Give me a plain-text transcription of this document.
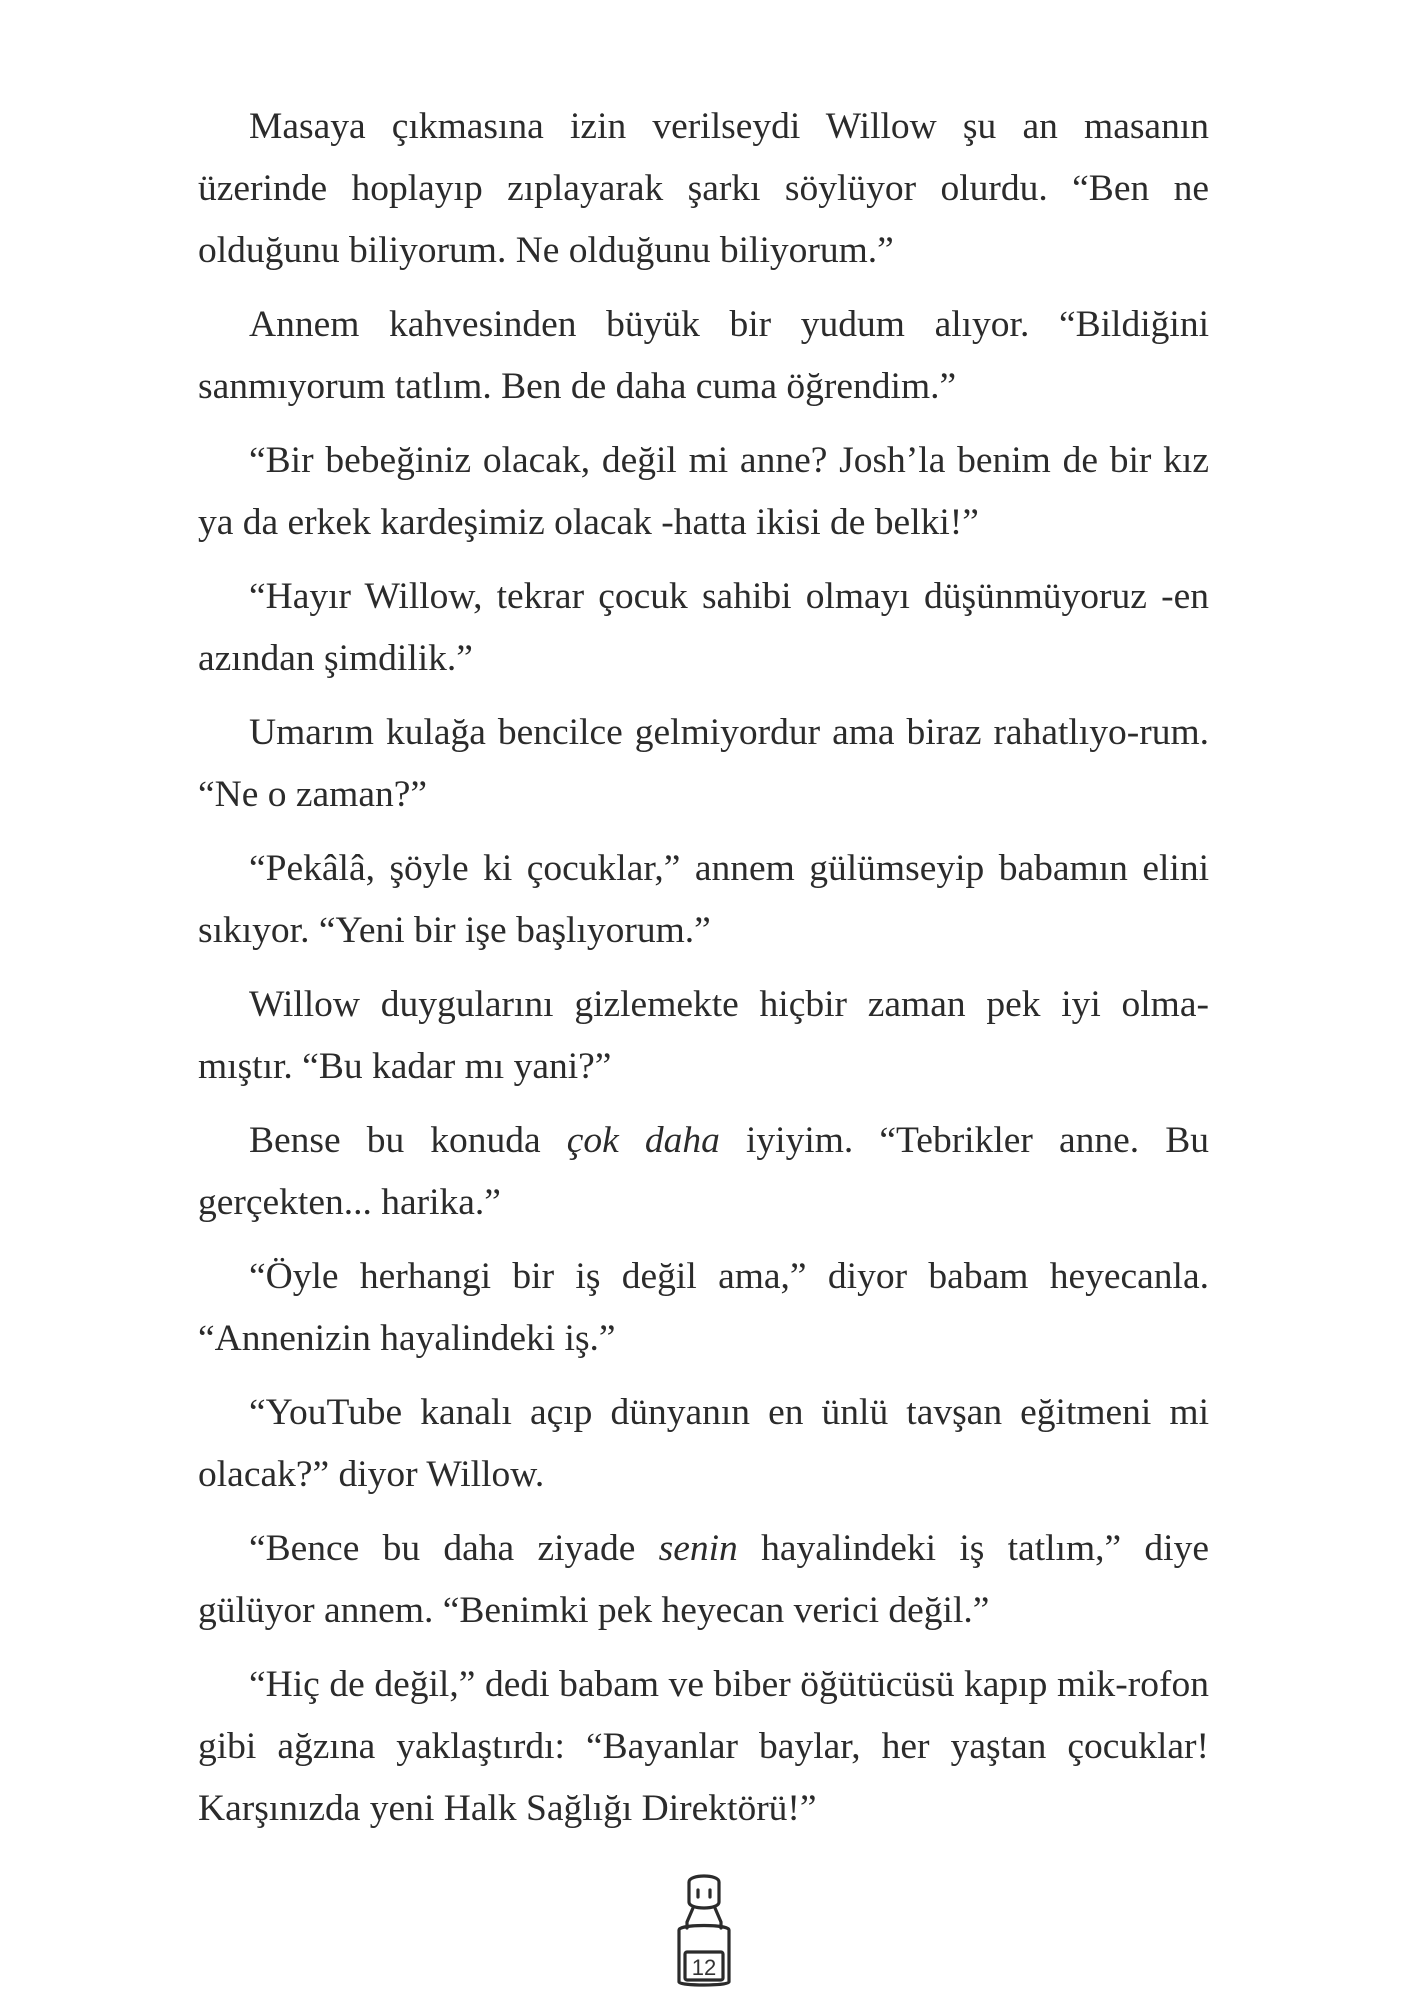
Masaya çıkmasına izin verilseydi Willow şu an masanın üzerinde hoplayıp zıplayarak şarkı söylüyor olurdu. “Ben ne olduğunu biliyorum. Ne olduğunu biliyorum.”

Annem kahvesinden büyük bir yudum alıyor. “Bildiğini sanmıyorum tatlım. Ben de daha cuma öğrendim.”

“Bir bebeğiniz olacak, değil mi anne? Josh’la benim de bir kız ya da erkek kardeşimiz olacak -hatta ikisi de belki!”

“Hayır Willow, tekrar çocuk sahibi olmayı düşünmüyoruz -en azından şimdilik.”

Umarım kulağa bencilce gelmiyordur ama biraz rahatlıyo-rum. “Ne o zaman?”

“Pekâlâ, şöyle ki çocuklar,” annem gülümseyip babamın elini sıkıyor. “Yeni bir işe başlıyorum.”

Willow duygularını gizlemekte hiçbir zaman pek iyi olma-mıştır. “Bu kadar mı yani?”

Bense bu konuda çok daha iyiyim. “Tebrikler anne. Bu gerçekten... harika.”

“Öyle herhangi bir iş değil ama,” diyor babam heyecanla. “Annenizin hayalindeki iş.”

“YouTube kanalı açıp dünyanın en ünlü tavşan eğitmeni mi olacak?” diyor Willow.

“Bence bu daha ziyade senin hayalindeki iş tatlım,” diye gülüyor annem. “Benimki pek heyecan verici değil.”

“Hiç de değil,” dedi babam ve biber öğütücüsü kapıp mik-rofon gibi ağzına yaklaştırdı: “Bayanlar baylar, her yaştan çocuklar! Karşınızda yeni Halk Sağlığı Direktörü!”

12
